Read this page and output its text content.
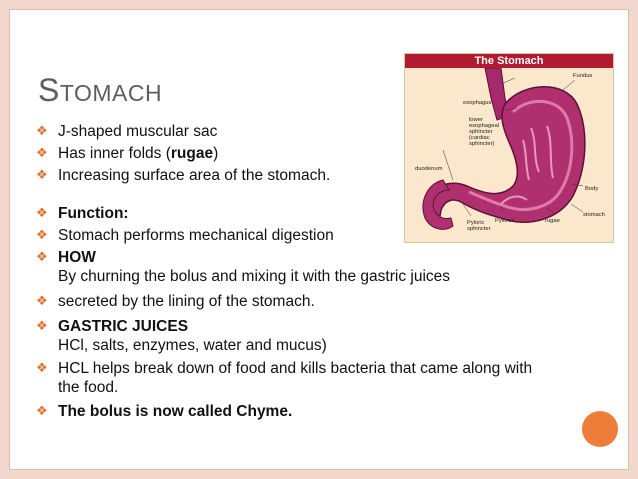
STOMACH
❖ J-shaped muscular sac
❖ Has inner folds (rugae)
❖ Increasing surface area of the stomach.
❖ Function:
❖ Stomach performs mechanical digestion
❖ HOW
By churning the bolus and mixing it with the gastric juices
❖ secreted by the lining of the stomach.
❖ GASTRIC JUICES
HCl, salts, enzymes, water and mucus)
❖ HCL helps break down of food and kills bacteria that came along with the food.
❖ The bolus is now called Chyme.
The Stomach
Fundus
esophagus
lower
esophageal
sphincter
(cardiac
sphincter)
duodenum
Body
stomach
Pyloric
sphincter
Pylorus	rugae
